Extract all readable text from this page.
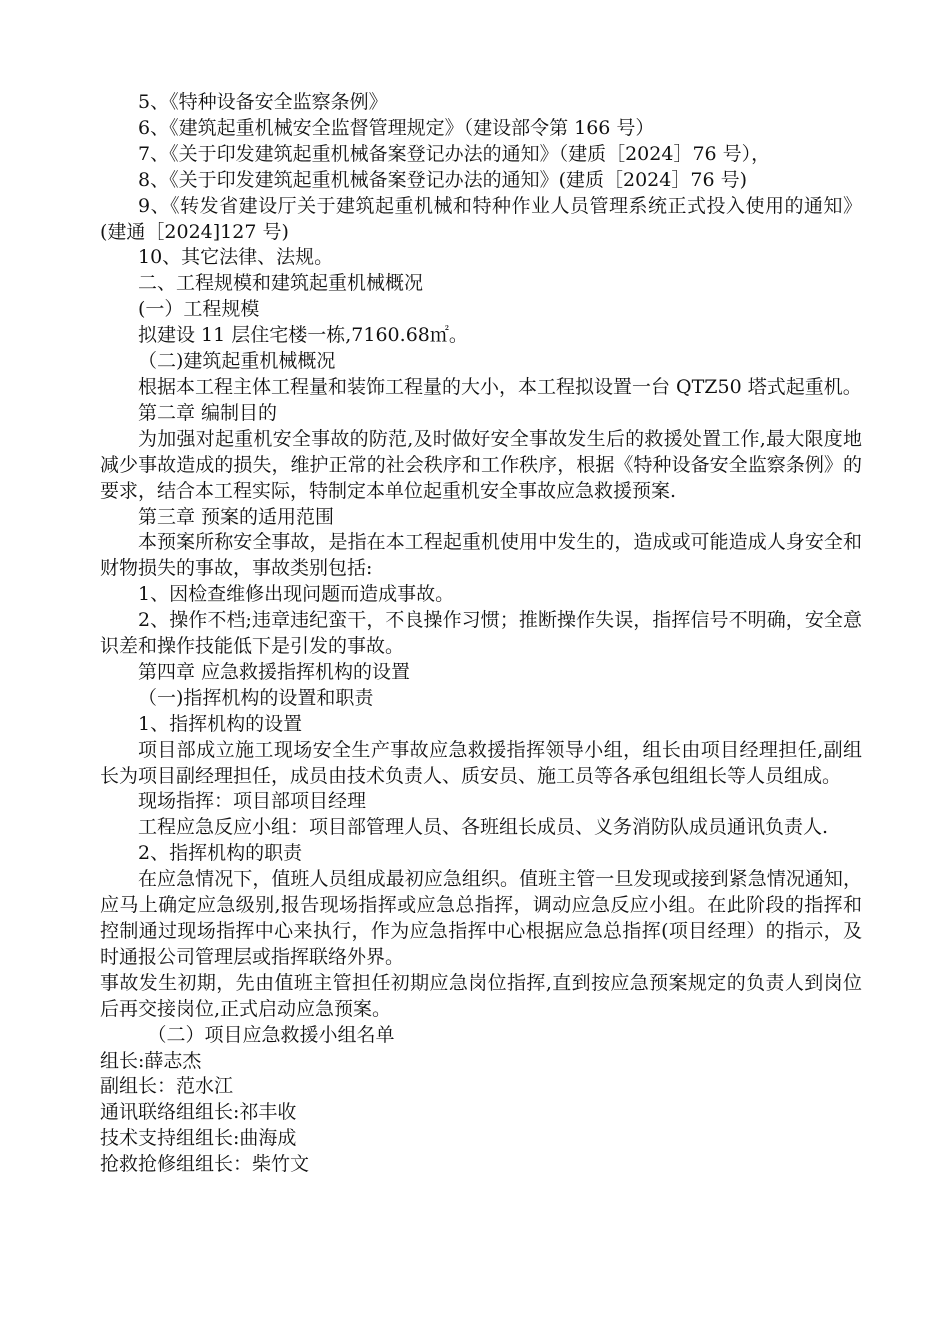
5、《特种设备安全监察条例》

6、《建筑起重机械安全监督管理规定》（建设部令第 166 号）

7、《关于印发建筑起重机械备案登记办法的通知》（建质［2024］76 号），

8、《关于印发建筑起重机械备案登记办法的通知》(建质［2024］76 号)

9、《转发省建设厅关于建筑起重机械和特种作业人员管理系统正式投入使用的通知》(建通［2024]127 号)

10、其它法律、法规。

二、工程规模和建筑起重机械概况

(一）工程规模

拟建设 11 层住宅楼一栋,7160.68㎡。

（二)建筑起重机械概况

根据本工程主体工程量和装饰工程量的大小，本工程拟设置一台 QTZ50 塔式起重机。

第二章 编制目的

为加强对起重机安全事故的防范,及时做好安全事故发生后的救援处置工作,最大限度地减少事故造成的损失，维护正常的社会秩序和工作秩序，根据《特种设备安全监察条例》的要求，结合本工程实际，特制定本单位起重机安全事故应急救援预案.

第三章 预案的适用范围

本预案所称安全事故，是指在本工程起重机使用中发生的，造成或可能造成人身安全和财物损失的事故，事故类别包括:

1、因检查维修出现问题而造成事故。

2、操作不档;违章违纪蛮干，不良操作习惯；推断操作失误，指挥信号不明确，安全意识差和操作技能低下是引发的事故。

第四章 应急救援指挥机构的设置

（一)指挥机构的设置和职责

1、指挥机构的设置

项目部成立施工现场安全生产事故应急救援指挥领导小组，组长由项目经理担任,副组长为项目副经理担任，成员由技术负责人、质安员、施工员等各承包组组长等人员组成。

现场指挥：项目部项目经理

工程应急反应小组：项目部管理人员、各班组长成员、义务消防队成员通讯负责人.

2、指挥机构的职责

在应急情况下，值班人员组成最初应急组织。值班主管一旦发现或接到紧急情况通知，应马上确定应急级别,报告现场指挥或应急总指挥，调动应急反应小组。在此阶段的指挥和控制通过现场指挥中心来执行，作为应急指挥中心根据应急总指挥(项目经理）的指示，及时通报公司管理层或指挥联络外界。

事故发生初期，先由值班主管担任初期应急岗位指挥,直到按应急预案规定的负责人到岗位后再交接岗位,正式启动应急预案。

（二）项目应急救援小组名单

组长:薛志杰

副组长：范水江

通讯联络组组长:祁丰收

技术支持组组长:曲海成

抢救抢修组组长：柴竹文
